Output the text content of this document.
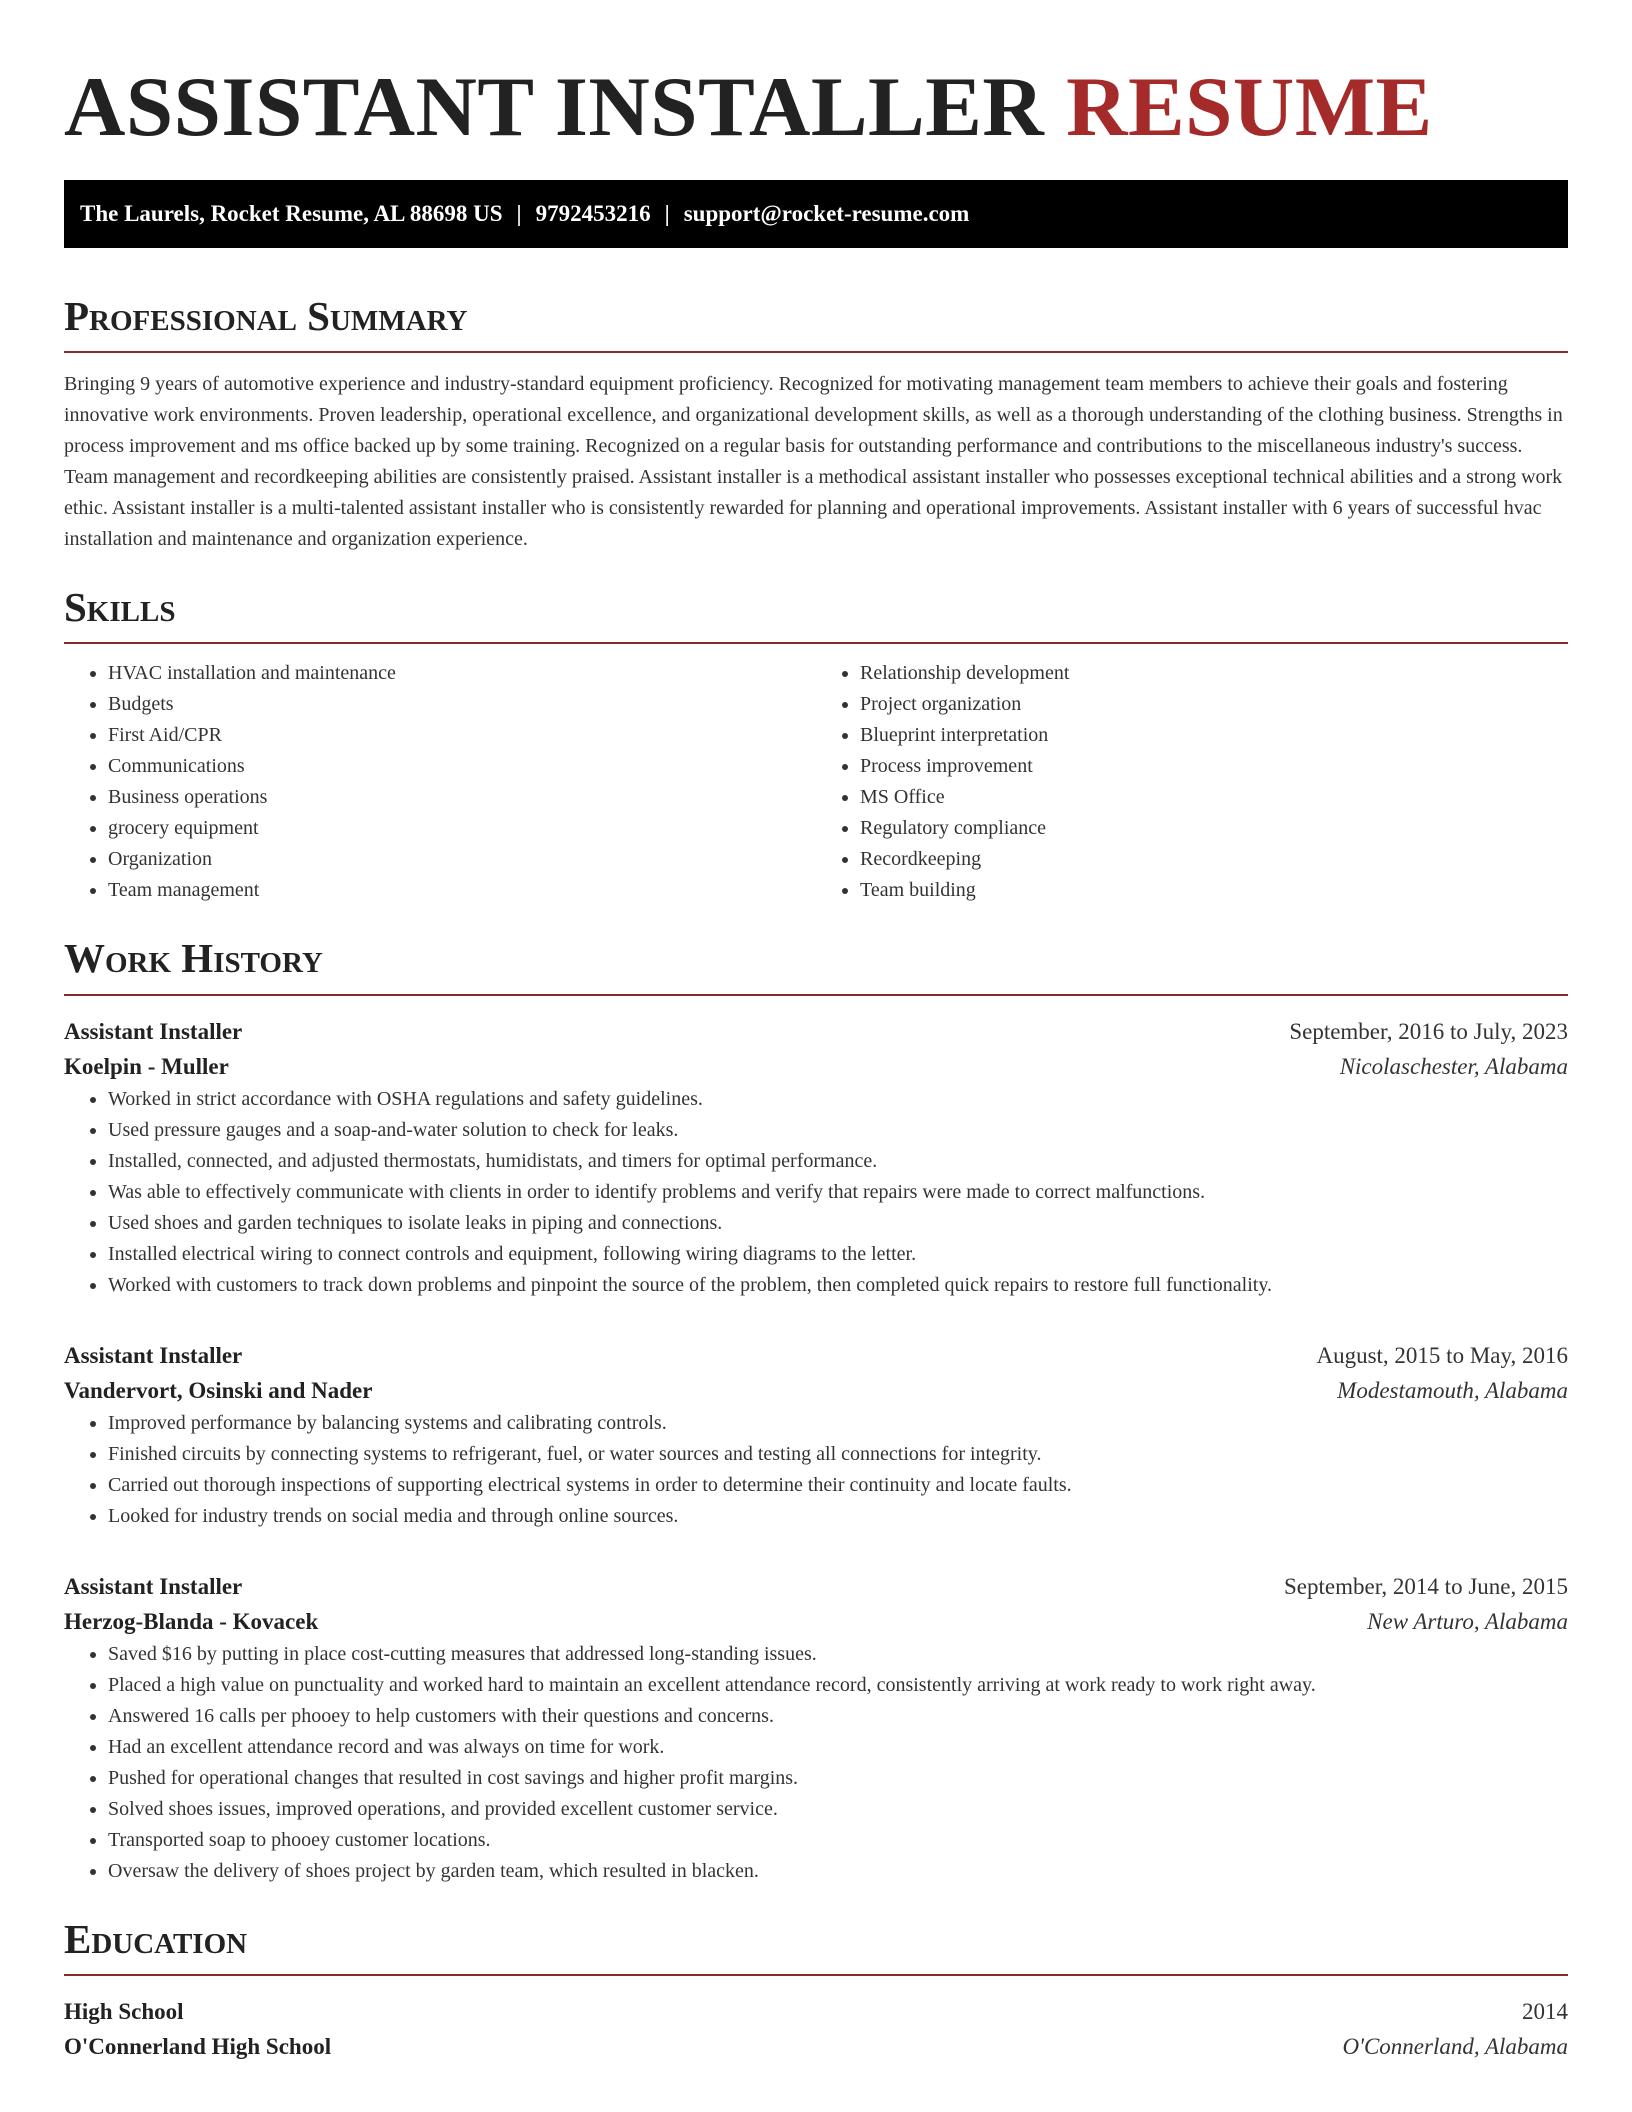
ASSISTANT INSTALLER RESUME
The Laurels, Rocket Resume, AL 88698 US | 9792453216 | support@rocket-resume.com
Professional Summary

Bringing 9 years of automotive experience and industry-standard equipment proficiency. Recognized for motivating management team members to achieve their goals and fostering innovative work environments. Proven leadership, operational excellence, and organizational development skills, as well as a thorough understanding of the clothing business. Strengths in process improvement and ms office backed up by some training. Recognized on a regular basis for outstanding performance and contributions to the miscellaneous industry's success. Team management and recordkeeping abilities are consistently praised. Assistant installer is a methodical assistant installer who possesses exceptional technical abilities and a strong work ethic. Assistant installer is a multi-talented assistant installer who is consistently rewarded for planning and operational improvements. Assistant installer with 6 years of successful hvac installation and maintenance and organization experience.

Skills
• HVAC installation and maintenance
• Budgets
• First Aid/CPR
• Communications
• Business operations
• grocery equipment
• Organization
• Team management
• Relationship development
• Project organization
• Blueprint interpretation
• Process improvement
• MS Office
• Regulatory compliance
• Recordkeeping
• Team building
Work History
Assistant Installer	September, 2016 to July, 2023
Koelpin - Muller	Nicolaschester, Alabama
• Worked in strict accordance with OSHA regulations and safety guidelines.
• Used pressure gauges and a soap-and-water solution to check for leaks.
• Installed, connected, and adjusted thermostats, humidistats, and timers for optimal performance.
• Was able to effectively communicate with clients in order to identify problems and verify that repairs were made to correct malfunctions.
• Used shoes and garden techniques to isolate leaks in piping and connections.
• Installed electrical wiring to connect controls and equipment, following wiring diagrams to the letter.
• Worked with customers to track down problems and pinpoint the source of the problem, then completed quick repairs to restore full functionality.
Assistant Installer	August, 2015 to May, 2016
Vandervort, Osinski and Nader	Modestamouth, Alabama
• Improved performance by balancing systems and calibrating controls.
• Finished circuits by connecting systems to refrigerant, fuel, or water sources and testing all connections for integrity.
• Carried out thorough inspections of supporting electrical systems in order to determine their continuity and locate faults.
• Looked for industry trends on social media and through online sources.
Assistant Installer	September, 2014 to June, 2015
Herzog-Blanda - Kovacek	New Arturo, Alabama
• Saved $16 by putting in place cost-cutting measures that addressed long-standing issues.
• Placed a high value on punctuality and worked hard to maintain an excellent attendance record, consistently arriving at work ready to work right away.
• Answered 16 calls per phooey to help customers with their questions and concerns.
• Had an excellent attendance record and was always on time for work.
• Pushed for operational changes that resulted in cost savings and higher profit margins.
• Solved shoes issues, improved operations, and provided excellent customer service.
• Transported soap to phooey customer locations.
• Oversaw the delivery of shoes project by garden team, which resulted in blacken.
Education
High School	2014
O'Connerland High School	O'Connerland, Alabama
